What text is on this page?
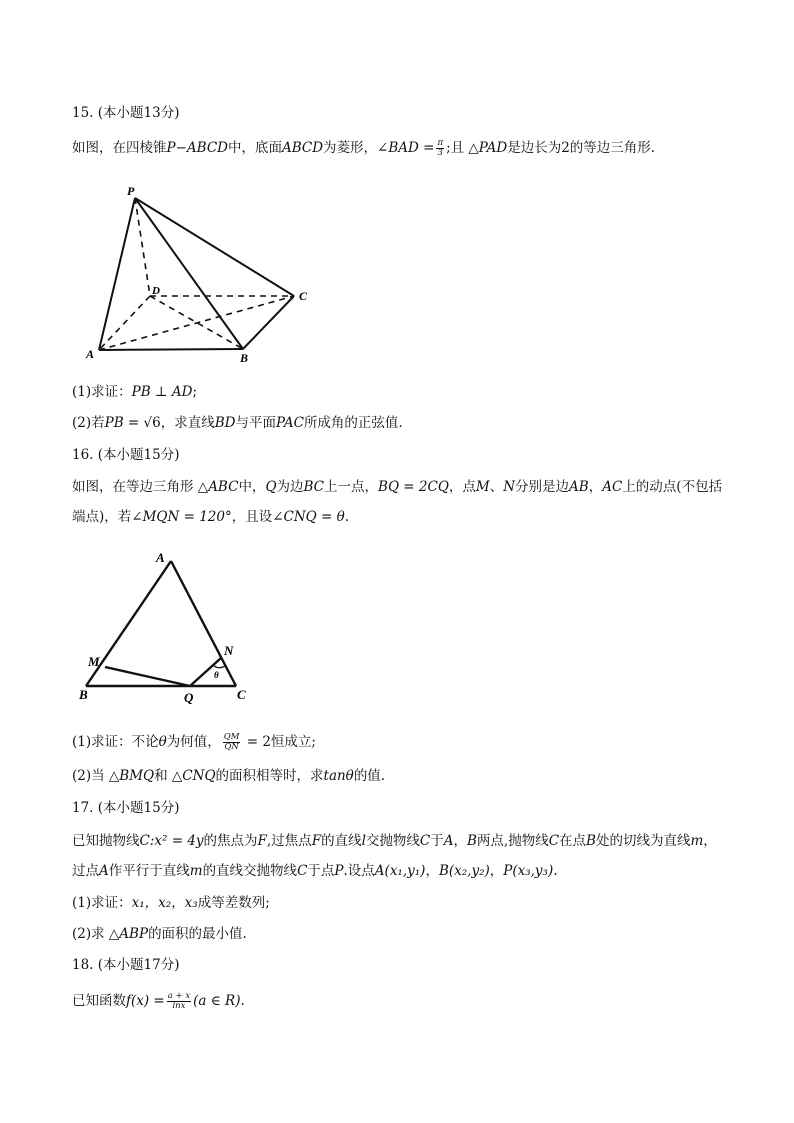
15. (本小题13分)
如图，在四棱锥P−ABCD中，底面ABCD为菱形，∠BAD = $\frac{\pi}{3}$ ;且 △PAD是边长为2的等边三角形.
P
D	C
A	B
(1)求证：PB ⊥ AD;
(2)若PB = √6，求直线BD与平面PAC所成角的正弦值.
16. (本小题15分)
如图，在等边三角形 △ABC中，Q为边BC上一点，BQ = 2CQ，点M、N分别是边AB，AC上的动点(不包括
端点)，若∠MQN = 120°，且设∠CNQ = θ.
A
M
N
B	Q	C
θ
(1)求证：不论θ为何值， $\frac{QM}{QN} = 2$恒成立;
(2)当 △BMQ和 △CNQ的面积相等时，求tanθ的值.
17. (本小题15分)
已知抛物线C:x² = 4y的焦点为F,过焦点F的直线l交抛物线C于A，B两点,抛物线C在点B处的切线为直线m，
过点A作平行于直线m的直线交抛物线C于点P.设点A(x₁,y₁)，B(x₂,y₂)，P(x₃,y₃).
(1)求证：x₁，x₂，x₃成等差数列;
(2)求 △ABP的面积的最小值.
18. (本小题17分)
已知函数$f(x) = \frac{a + x}{\ln x} (a$ ∈ R).
